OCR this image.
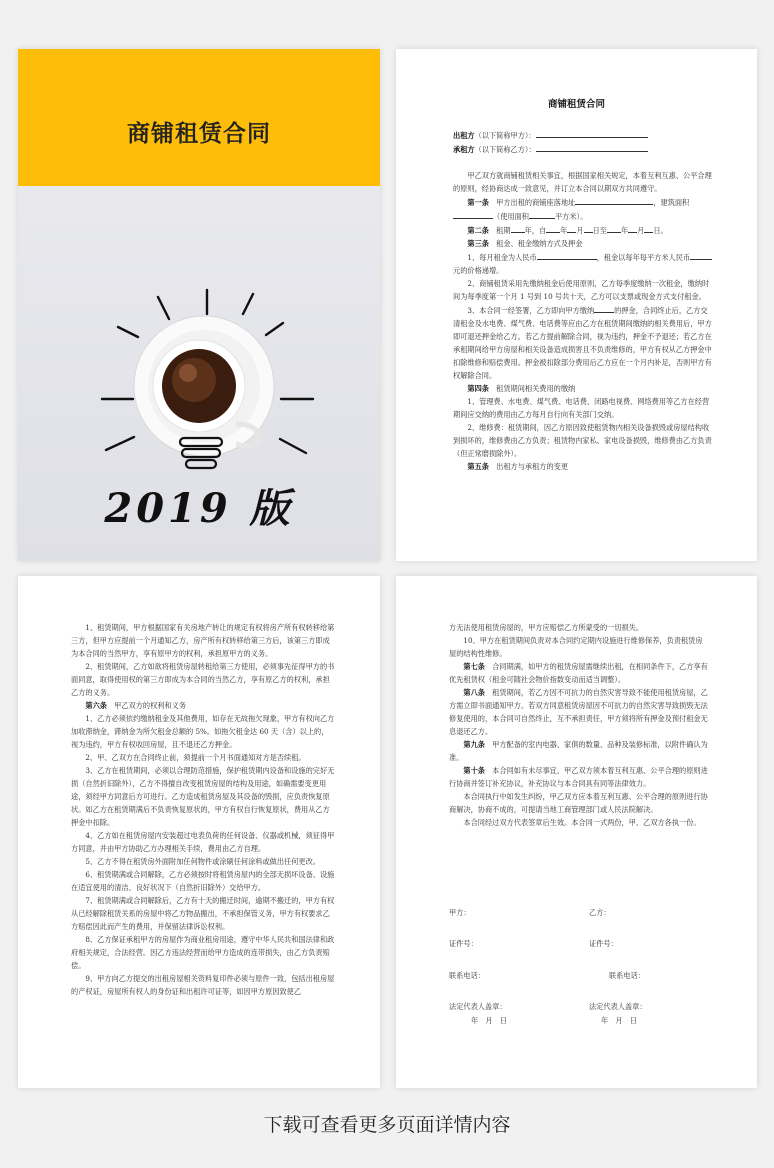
商铺租赁合同
2019 版
商铺租赁合同

出租方（以下简称甲方）：

承租方（以下简称乙方）：

甲乙双方就商铺租赁相关事宜，根据国家相关规定，本着互利互惠、公平合理的原则，经协商达成一致意见，并订立本合同以期双方共同遵守。

第一条　 甲方出租的商铺座落地址	，建筑面积

（使用面积	平方米）。

第二条　 租期 年，自 年 月 日至 年 月 日。

第三条　 租金、租金缴纳方式及押金

1、每月租金为人民币	，租金以每年每平方米人民币元的价格递增。

2、商铺租赁采用先缴纳租金后使用原则，乙方每季度缴纳一次租金，缴纳时间为每季度第一个月 1 号到 10 号共十天，乙方可以支票或现金方式支付租金。

3、本合同一经签署，乙方即向甲方缴纳	的押金，合同终止后，乙方交清租金及水电费、煤气费、电话费等应由乙方在租赁期间缴纳的相关费用后，甲方即可退还押金给乙方。若乙方提前解除合同，视为违约，押金不予退还；若乙方在承租期间给甲方房屋和相关设备造成损害且不负责维修的，甲方有权从乙方押金中扣除维修和赔偿费用。押金被扣除部分费用后乙方应在一个月内补足，否则甲方有权解除合同。

第四条　 租赁期间相关费用的缴纳

1、管理费、水电费、煤气费、电话费、闭路电视费、网络费用等乙方在经营期间应交纳的费用由乙方每月自行向有关部门交纳。

2、维修费：租赁期间，因乙方原因致使租赁物内相关设备损毁或房屋结构收到损坏的，维修费由乙方负责；租赁物内家私、家电设备损毁，维修费由乙方负责（但正常磨损除外）。

第五条　 出租方与承租方的变更

1、租赁期间，甲方根据国家有关房地产转让的规定有权将房产所有权转移给第三方，但甲方应提前一个月通知乙方，房产所有权转移给第三方后，该第三方即成为本合同的当然甲方，享有原甲方的权利，承担原甲方的义务。

2、租赁期间，乙方如欲将租赁房屋转租给第三方使用，必须事先征得甲方的书面同意，取得使用权的第三方即成为本合同的当然乙方，享有原乙方的权利，承担乙方的义务。

第六条　 甲乙双方的权利和义务

1、乙方必须依约缴纳租金及其他费用，如存在无故拖欠现象，甲方有权向乙方加收滞纳金，滞纳金为所欠租金总额的 5%。如拖欠租金达 60 天（含）以上的，视为违约，甲方有权收回房屋，且不退还乙方押金。

2、甲、乙双方在合同终止前，须提前一个月书面通知对方是否续租。

3、乙方在租赁期间，必须以合理防范措施，保护租赁期内设备和设施的完好无损（自然折旧除外），乙方不得擅自改变租赁房屋的结构及用途，如确需要变更用途，须经甲方同意后方可进行。乙方造成租赁房屋及其设备的毁损，应负责恢复原状。如乙方在租赁期满后不负责恢复原状的，甲方有权自行恢复原状，费用从乙方押金中扣除。

4、乙方如在租赁房屋内安装超过电表负荷的任何设备、仪器或机械，须征得甲方同意，并由甲方协助乙方办理相关手续，费用由乙方自理。

5、乙方不得在租赁房外面附加任何物件或涂刷任何涂料或做出任何更改。

6、租赁期满或合同解除，乙方必须按时将租赁房屋内的全部无损坏设备、设施在适宜使用的清洁、良好状况下（自然折旧除外）交给甲方。

7、租赁期满或合同解除后，乙方有十天的搬迁时间，逾期不搬迁的，甲方有权从已经解除租赁关系的房屋中将乙方物品搬出，不承担保管义务，甲方有权要求乙方赔偿因此而产生的费用，并保留法律诉讼权利。

8、乙方保证承租甲方的房屋作为商业租房用途，遵守中华人民共和国法律和政府相关规定，合法经营。因乙方违法经营而给甲方造成的连带损失，由乙方负责赔偿。

9、甲方向乙方提交的出租房屋相关资料复印件必须与原件一致，包括出租房屋的产权证，房屋所有权人的身份证和出租许可证等，如因甲方原因致使乙

方无法使用租赁房屋的，甲方应赔偿乙方所蒙受的一切损失。

10、甲方在租赁期间负责对本合同约定期内设施进行维修保养，负责租赁房屋的结构性维修。

第七条　 合同期满，如甲方的租赁房屋需继续出租，在相同条件下，乙方享有优先租赁权（租金可随社会物价指数变动而适当调整）。

第八条　 租赁期间，若乙方因不可抗力的自然灾害导致不能使用租赁房屋，乙方需立即书面通知甲方。若双方同意租赁房屋因不可抗力的自然灾害导致损毁无法修复使用的，本合同可自然终止，互不承担责任，甲方须将所有押金及预付租金无息退还乙方。

第九条　 甲方配备的室内电器、家俱的数量、品种及装修标准，以附件确认为准。

第十条　 本合同如有未尽事宜，甲乙双方须本着互利互惠、公平合理的原则进行协商并签订补充协议，补充协议与本合同具有同等法律效力。

本合同执行中如发生纠纷，甲乙双方应本着互利互惠、公平合理的原则进行协商解决，协商不成的，可提请当地工商管理部门或人民法院解决。

本合同经过双方代表签章后生效。本合同一式两份，甲、乙双方各执一份。

甲方：	乙方：
证件号：	证件号：
联系电话：	联系电话：
法定代表人盖章：	法定代表人盖章：
年　月　日	年　月　日
下载可查看更多页面详情内容
